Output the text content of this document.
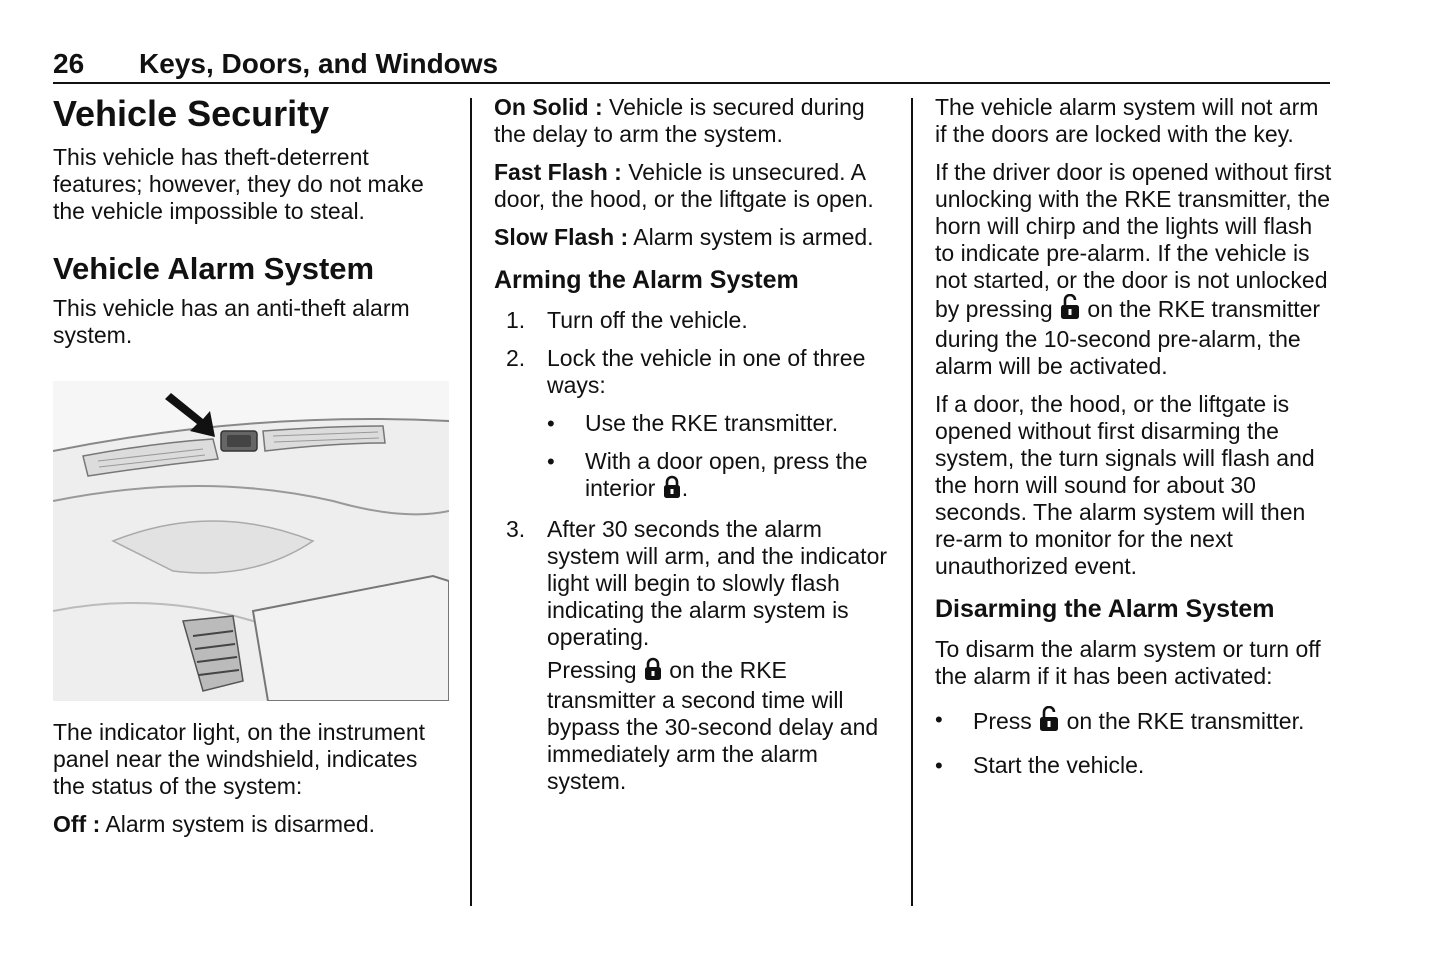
26 Keys, Doors, and Windows
Vehicle Security

This vehicle has theft-deterrent features; however, they do not make the vehicle impossible to steal.

Vehicle Alarm System

This vehicle has an anti-theft alarm system.

The indicator light, on the instrument panel near the windshield, indicates the status of the system:

Off : Alarm system is disarmed.

On Solid : Vehicle is secured during the delay to arm the system.

Fast Flash : Vehicle is unsecured. A door, the hood, or the liftgate is open.

Slow Flash : Alarm system is armed.

Arming the Alarm System
1. Turn off the vehicle.
2. Lock the vehicle in one of three ways:
• Use the RKE transmitter.
• With a door open, press the interior .
3. After 30 seconds the alarm system will arm, and the indicator light will begin to slowly flash indicating the alarm system is operating.
Pressing  on the RKE transmitter a second time will bypass the 30-second delay and immediately arm the alarm system.

The vehicle alarm system will not arm if the doors are locked with the key.

If the driver door is opened without first unlocking with the RKE transmitter, the horn will chirp and the lights will flash to indicate pre-alarm. If the vehicle is not started, or the door is not unlocked by pressing  on the RKE transmitter during the 10-second pre-alarm, the alarm will be activated.

If a door, the hood, or the liftgate is opened without first disarming the system, the turn signals will flash and the horn will sound for about 30 seconds. The alarm system will then re-arm to monitor for the next unauthorized event.

Disarming the Alarm System

To disarm the alarm system or turn off the alarm if it has been activated:

• Press  on the RKE transmitter.
• Start the vehicle.
